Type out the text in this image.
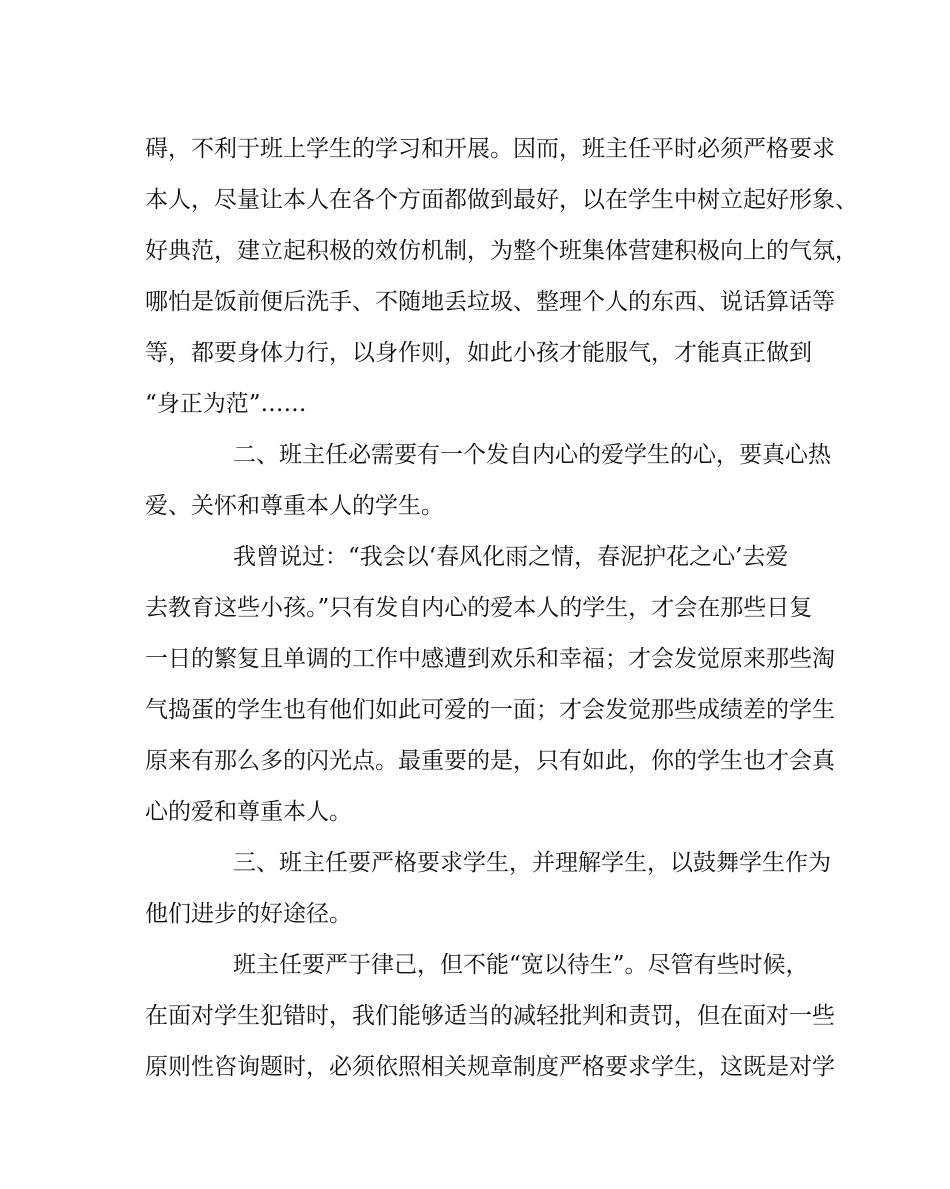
碍，不利于班上学生的学习和开展。因而，班主任平时必须严格要求
本人，尽量让本人在各个方面都做到最好，以在学生中树立起好形象、
好典范，建立起积极的效仿机制，为整个班集体营建积极向上的气氛，
哪怕是饭前便后洗手、不随地丢垃圾、整理个人的东西、说话算话等
等，都要身体力行，以身作则，如此小孩才能服气，才能真正做到
“身正为范”……
二、班主任必需要有一个发自内心的爱学生的心，要真心热
爱、关怀和尊重本人的学生。
我曾说过：“我会以‘春风化雨之情，春泥护花之心’去爱
去教育这些小孩。”只有发自内心的爱本人的学生，才会在那些日复
一日的繁复且单调的工作中感遭到欢乐和幸福；才会发觉原来那些淘
气捣蛋的学生也有他们如此可爱的一面；才会发觉那些成绩差的学生
原来有那么多的闪光点。最重要的是，只有如此，你的学生也才会真
心的爱和尊重本人。
三、班主任要严格要求学生，并理解学生，以鼓舞学生作为
他们进步的好途径。
班主任要严于律己，但不能“宽以待生”。尽管有些时候，
在面对学生犯错时，我们能够适当的减轻批判和责罚，但在面对一些
原则性咨询题时，必须依照相关规章制度严格要求学生，这既是对学
